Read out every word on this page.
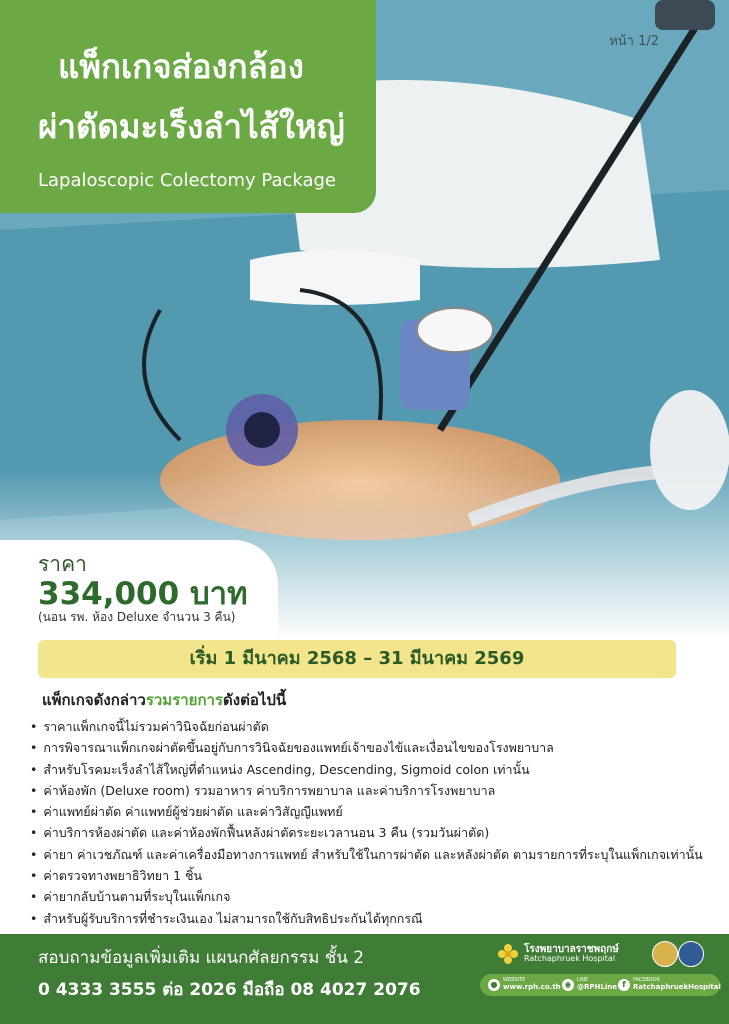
หน้า 1/2
แพ็กเกจส่องกล้อง
ผ่าตัดมะเร็งลำไส้ใหญ่
Lapaloscopic Colectomy Package
ราคา
334,000 บาท
(นอน รพ. ห้อง Deluxe จำนวน 3 คืน)
เริ่ม 1 มีนาคม 2568 – 31 มีนาคม 2569
แพ็กเกจดังกล่าวรวมรายการดังต่อไปนี้
• ราคาแพ็กเกจนี้ไม่รวมค่าวินิจฉัยก่อนผ่าตัด
• การพิจารณาแพ็กเกจผ่าตัดขึ้นอยู่กับการวินิจฉัยของแพทย์เจ้าของไข้และเงื่อนไขของโรงพยาบาล
• สำหรับโรคมะเร็งลำไส้ใหญ่ที่ตำแหน่ง Ascending, Descending, Sigmoid colon เท่านั้น
• ค่าห้องพัก (Deluxe room) รวมอาหาร ค่าบริการพยาบาล และค่าบริการโรงพยาบาล
• ค่าแพทย์ผ่าตัด ค่าแพทย์ผู้ช่วยผ่าตัด และค่าวิสัญญีแพทย์
• ค่าบริการห้องผ่าตัด และค่าห้องพักฟื้นหลังผ่าตัดระยะเวลานอน 3 คืน (รวมวันผ่าตัด)
• ค่ายา ค่าเวชภัณฑ์ และค่าเครื่องมือทางการแพทย์ สำหรับใช้ในการผ่าตัด และหลังผ่าตัด ตามรายการที่ระบุในแพ็กเกจเท่านั้น
• ค่าตรวจทางพยาธิวิทยา 1 ชิ้น
• ค่ายากลับบ้านตามที่ระบุในแพ็กเกจ
• สำหรับผู้รับบริการที่ชำระเงินเอง ไม่สามารถใช้กับสิทธิประกันได้ทุกกรณี
สอบถามข้อมูลเพิ่มเติม แผนกศัลยกรรม ชั้น 2
0 4333 3555 ต่อ 2026 มือถือ 08 4027 2076
โรงพยาบาลราชพฤกษ์
Ratchaphruek Hospital
●	WEBSITE
www.rph.co.th ◉	LINE
@RPHLine f	FACEBOOK
RatchaphruekHospital
